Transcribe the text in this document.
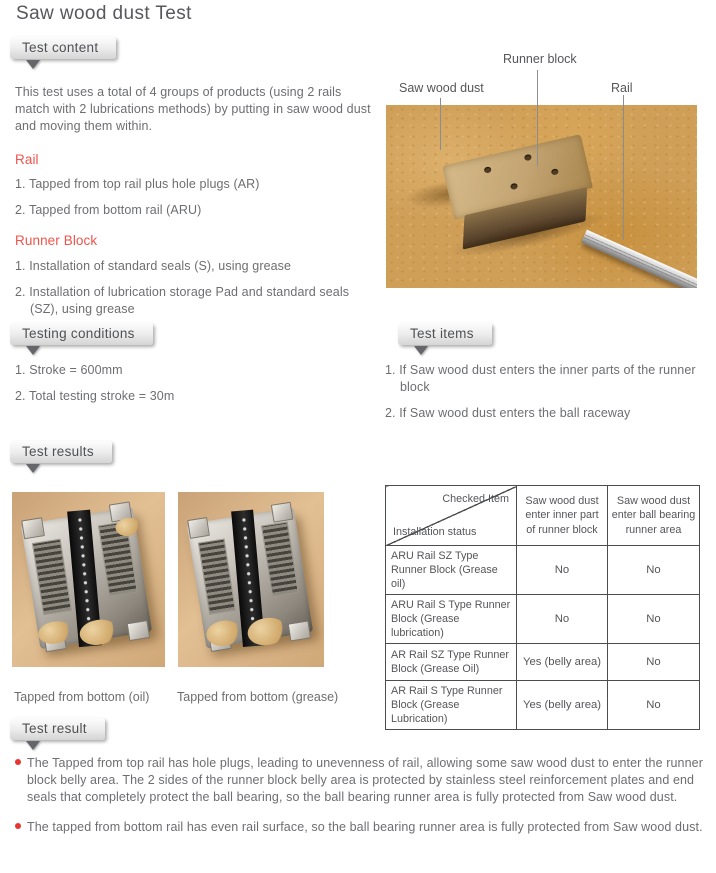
Saw wood dust Test
Test content

This test uses a total of 4 groups of products (using 2 rails match with 2 lubrications methods) by putting in saw wood dust and moving them within.

Rail
1. Tapped from top rail plus hole plugs (AR)
2. Tapped from bottom rail (ARU)
Runner Block
1. Installation of standard seals (S), using grease
2. Installation of lubrication storage Pad and standard seals (SZ), using grease
Runner block
Saw wood dust	Rail
Testing conditions
1. Stroke = 600mm
2. Total testing stroke = 30m
Test items
1. If Saw wood dust enters the inner parts of the runner block
2. If Saw wood dust enters the ball raceway
Test results
Tapped from bottom (oil) Tapped from bottom (grease)
Checked Item
Installation status	Saw wood dust enter inner part of runner block	Saw wood dust enter ball bearing runner area
ARU Rail SZ Type Runner Block (Grease oil)	No	No
ARU Rail S Type Runner Block (Grease lubrication)	No	No
AR Rail SZ Type Runner Block (Grease Oil)	Yes (belly area)	No
AR Rail S Type Runner Block (Grease Lubrication)	Yes (belly area)	No
Test result
The Tapped from top rail has hole plugs, leading to unevenness of rail, allowing some saw wood dust to enter the runner block belly area. The 2 sides of the runner block belly area is protected by stainless steel reinforcement plates and end seals that completely protect the ball bearing, so the ball bearing runner area is fully protected from Saw wood dust.
The tapped from bottom rail has even rail surface, so the ball bearing runner area is fully protected from Saw wood dust.
